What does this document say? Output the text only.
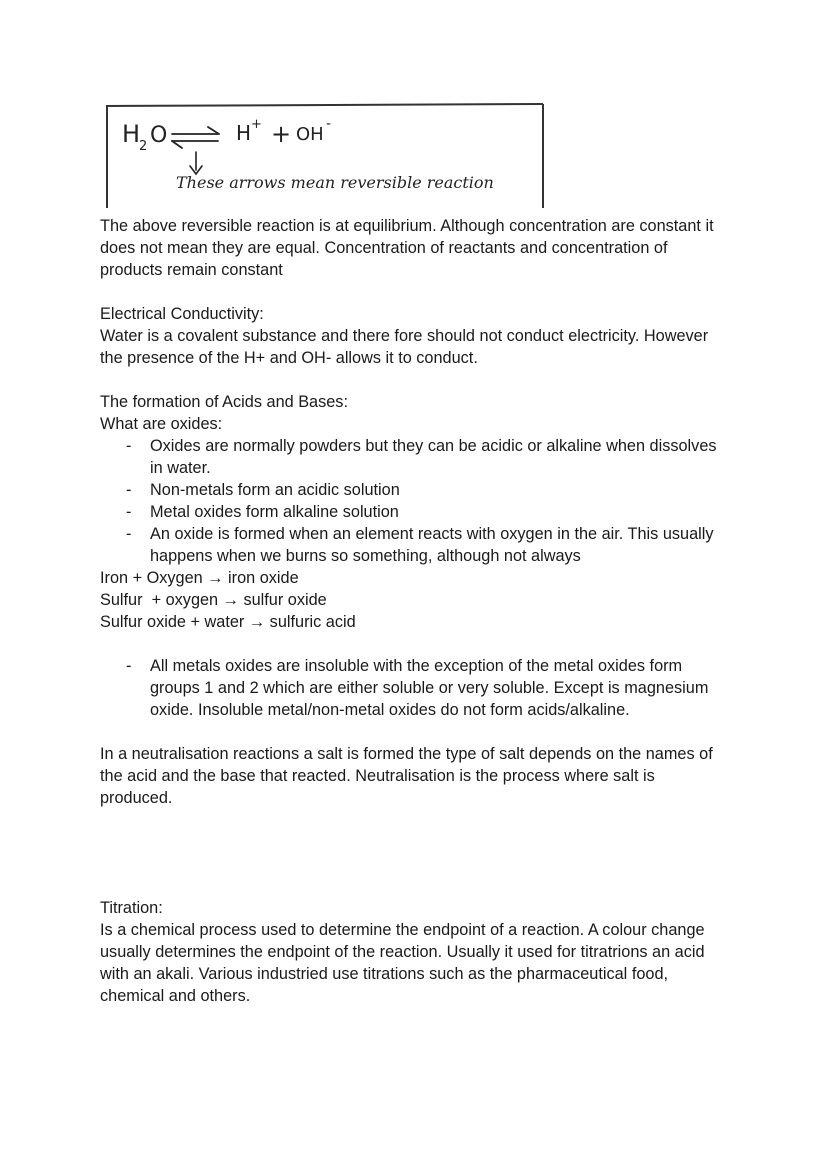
H
2 O	H + + OH -
These arrows mean reversible reaction

The above reversible reaction is at equilibrium. Although concentration are constant it does not mean they are equal. Concentration of reactants and concentration of products remain constant

Electrical Conductivity:

Water is a covalent substance and there fore should not conduct electricity. However the presence of the H+ and OH- allows it to conduct.

The formation of Acids and Bases:

What are oxides:

- Oxides are normally powders but they can be acidic or alkaline when dissolves in water.
- Non-metals form an acidic solution
- Metal oxides form alkaline solution
- An oxide is formed when an element reacts with oxygen in the air. This usually happens when we burns so something, although not always

Iron + Oxygen → iron oxide

Sulfur  + oxygen → sulfur oxide

Sulfur oxide + water → sulfuric acid

- All metals oxides are insoluble with the exception of the metal oxides form groups 1 and 2 which are either soluble or very soluble. Except is magnesium oxide. Insoluble metal/non-metal oxides do not form acids/alkaline.

In a neutralisation reactions a salt is formed the type of salt depends on the names of the acid and the base that reacted. Neutralisation is the process where salt is produced.

Titration:

Is a chemical process used to determine the endpoint of a reaction. A colour change usually determines the endpoint of the reaction. Usually it used for titratrions an acid with an akali. Various industried use titrations such as the pharmaceutical food, chemical and others.
